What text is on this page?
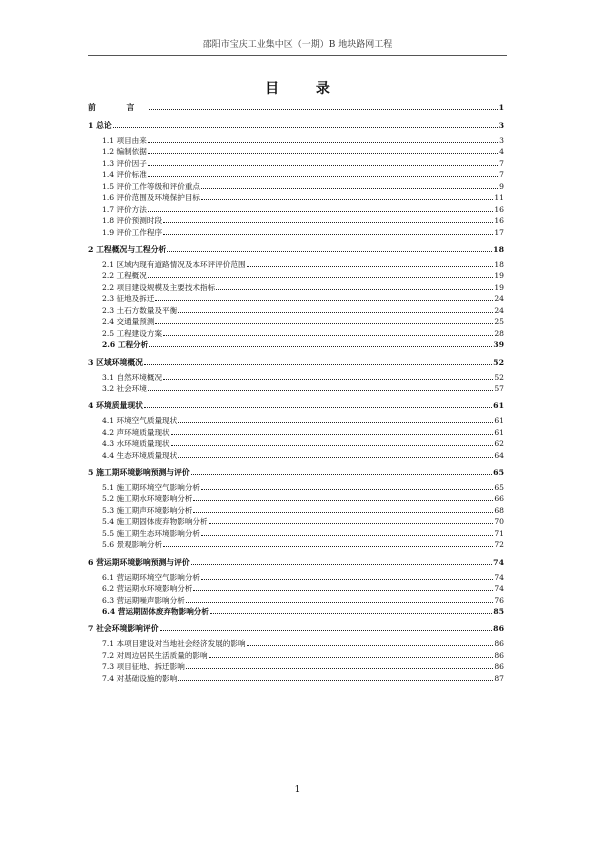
邵阳市宝庆工业集中区（一期）B 地块路网工程
目 录
前 言	1
1 总论	3
1.1 项目由来	3
1.2 编制依据	4
1.3 评价因子	7
1.4 评价标准	7
1.5 评价工作等级和评价重点	9
1.6 评价范围及环境保护目标	11
1.7 评价方法	16
1.8 评价预测时段	16
1.9 评价工作程序	17
2 工程概况与工程分析	18
2.1 区域内现有道路情况及本环评评价范围	18
2.2 工程概况	19
2.2 项目建设规模及主要技术指标	19
2.3 征地及拆迁	24
2.3 土石方数量及平衡	24
2.4 交通量预测	25
2.5 工程建设方案	28
2.6 工程分析	39
3 区域环境概况	52
3.1 自然环境概况	52
3.2 社会环境	57
4 环境质量现状	61
4.1 环境空气质量现状	61
4.2 声环境质量现状	61
4.3 水环境质量现状	62
4.4 生态环境质量现状	64
5 施工期环境影响预测与评价	65
5.1 施工期环境空气影响分析	65
5.2 施工期水环境影响分析	66
5.3 施工期声环境影响分析	68
5.4 施工期固体废弃物影响分析	70
5.5 施工期生态环境影响分析	71
5.6 景观影响分析	72
6 营运期环境影响预测与评价	74
6.1 营运期环境空气影响分析	74
6.2 营运期水环境影响分析	74
6.3 营运期噪声影响分析	76
6.4 营运期固体废弃物影响分析	85
7 社会环境影响评价	86
7.1 本项目建设对当地社会经济发展的影响	86
7.2 对周边居民生活质量的影响	86
7.3 项目征地、拆迁影响	86
7.4 对基础设施的影响	87
1
